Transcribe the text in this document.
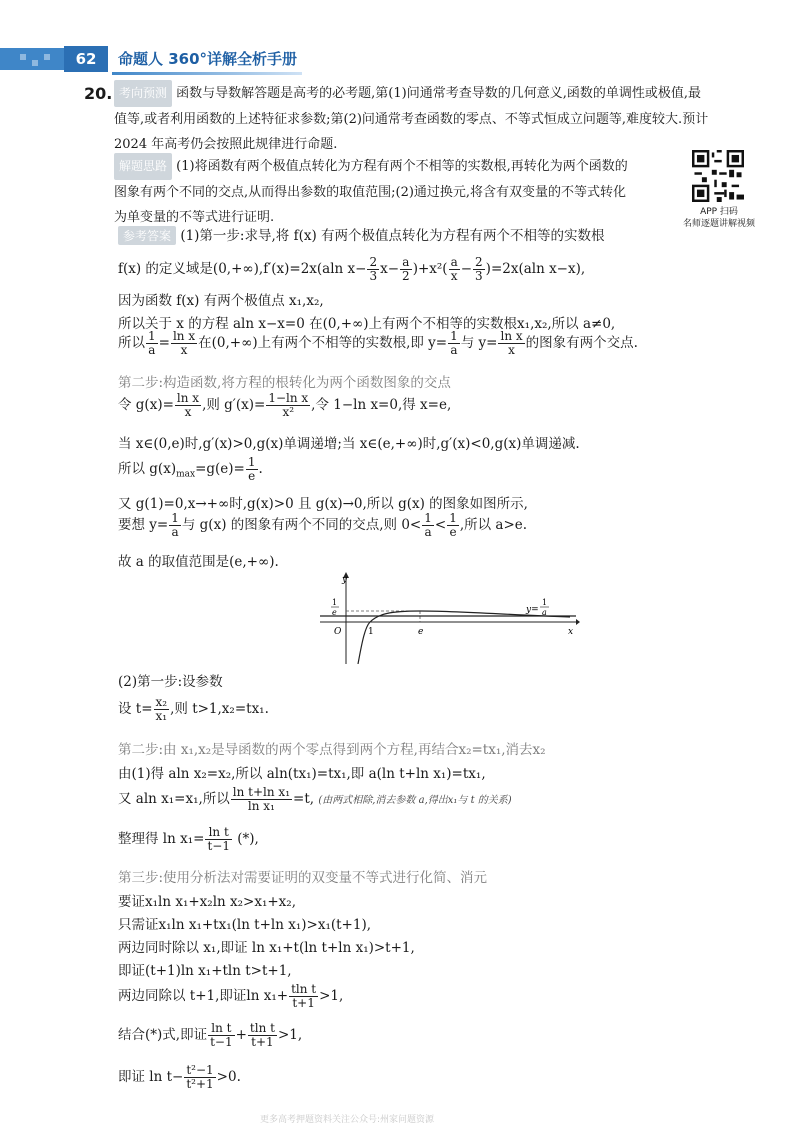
62	命题人 360°详解全析手册
20. 考向预测 函数与导数解答题是高考的必考题,第(1)问通常考查导数的几何意义,函数的单调性或极值,最
值等,或者利用函数的上述特征求参数;第(2)问通常考查函数的零点、不等式恒成立问题等,难度较大.预计
2024 年高考仍会按照此规律进行命题.
解题思路 (1)将函数有两个极值点转化为方程有两个不相等的实数根,再转化为两个函数的
图象有两个不同的交点,从而得出参数的取值范围;(2)通过换元,将含有双变量的不等式转化
为单变量的不等式进行证明.	APP 扫码
名师逐题讲解视频
参考答案 (1)第一步:求导,将 f(x) 有两个极值点转化为方程有两个不相等的实数根
f(x) 的定义域是(0,+∞),f′(x)=2x(aln $x- \frac{2}{3} x- \frac{a}{2} )+x^2( \frac{a}{x} - \frac{2}{3} )=2x(aln$ x−x),
因为函数 f(x) 有两个极值点 x₁,x₂,
所以关于 x 的方程 aln x−x=0 在(0,+∞)上有两个不相等的实数根x₁,x₂,所以 a≠0,
所以 $\frac{1}{a} = \frac{\text{ln x}}{x}$ 在(0,+∞)上有两个不相等的实数根,即 $y= \frac{1}{a}$ 与 $y= \frac{\text{ln x}}{x}$ 的图象有两个交点.
第二步:构造函数,将方程的根转化为两个函数图象的交点
令 $g(x)= \frac{\text{ln x}}{x}$ ,则 $g'(x)= \frac{\text{1−ln x}}{\text{x²}}$ ,令 1−ln x=0,得 x=e,
当 x∈(0,e)时,g′(x)>0,g(x)单调递增;当 x∈(e,+∞)时,g′(x)<0,g(x)单调递减.
所以 $g(x)_{max}=g(e)= \frac{1}{e}$ .
又 g(1)=0,x→+∞时,g(x)>0 且 g(x)→0,所以 g(x) 的图象如图所示,
要想 $y= \frac{1}{a}$ 与 g(x) 的图象有两个不同的交点,则 $0< \frac{1}{a} < \frac{1}{e}$ ,所以 a>e.
故 a 的取值范围是(e,+∞).
y
x
O	1	e
1
e	y=
1
a
(2)第一步:设参数
设 $t= \frac{\text{x₂}}{\text{x₁}}$ ,则 t>1,x₂=tx₁.
第二步:由 x₁,x₂是导函数的两个零点得到两个方程,再结合x₂=tx₁,消去x₂
由(1)得 aln x₂=x₂,所以 aln(tx₁)=tx₁,即 a(ln t+ln x₁)=tx₁,
又 aln x₁=x₁,所以 $\frac{\text{ln t+ln x₁}}{\text{ln x₁}} =t$, (由两式相除,消去参数 a,得出x₁与 t 的关系)
整理得 $\ln x_1= \frac{\text{ln t}}{t-1}$ (*),
第三步:使用分析法对需要证明的双变量不等式进行化简、消元
要证x₁ln x₁+x₂ln x₂>x₁+x₂,
只需证x₁ln x₁+tx₁(ln t+ln x₁)>x₁(t+1),
两边同时除以 x₁,即证 ln x₁+t(ln t+ln x₁)>t+1,
即证(t+1)ln x₁+tln t>t+1,
两边同除以 t+1,即证$\ln x_1+ \frac{\text{tln t}}{t+1} >1$,
结合(*)式,即证 $\frac{\text{ln t}}{t-1} + \frac{\text{tln t}}{t+1} >1$,
即证 $\ln t- \frac{\text{t²−1}}{\text{t²+1}} >0$.
更多高考押题资料关注公众号:州家问题资源
